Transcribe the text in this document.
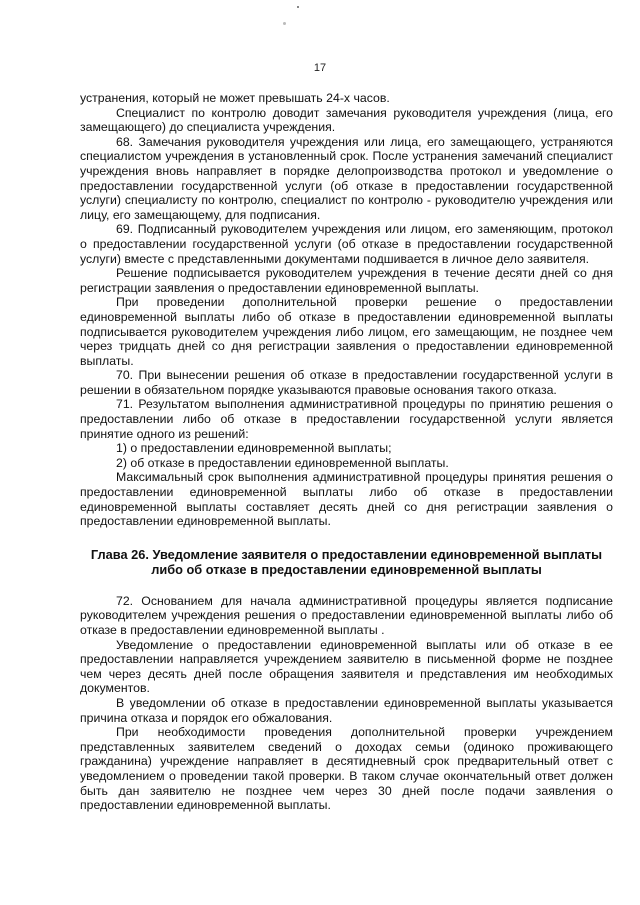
17

устранения, который не может превышать 24-х часов.

Специалист по контролю доводит замечания руководителя учреждения (лица, его замещающего) до специалиста учреждения.

68. Замечания руководителя учреждения или лица, его замещающего, устраняются специалистом учреждения в установленный срок. После устранения замечаний специалист учреждения вновь направляет в порядке делопроизводства протокол и уведомление о предоставлении государственной услуги (об отказе в предоставлении государственной услуги) специалисту по контролю, специалист по контролю - руководителю учреждения или лицу, его замещающему, для подписания.

69. Подписанный руководителем учреждения или лицом, его заменяющим, протокол о предоставлении государственной услуги (об отказе в предоставлении государственной услуги) вместе с представленными документами подшивается в личное дело заявителя.

Решение подписывается руководителем учреждения в течение десяти дней со дня регистрации заявления о предоставлении единовременной выплаты.

При проведении дополнительной проверки решение о предоставлении единовременной выплаты либо об отказе в предоставлении единовременной выплаты подписывается руководителем учреждения либо лицом, его замещающим, не позднее чем через тридцать дней со дня регистрации заявления о предоставлении единовременной выплаты.

70. При вынесении решения об отказе в предоставлении государственной услуги в решении в обязательном порядке указываются правовые основания такого отказа.

71. Результатом выполнения административной процедуры по принятию решения о предоставлении либо об отказе в предоставлении государственной услуги является принятие одного из решений:

1) о предоставлении единовременной выплаты;

2) об отказе в предоставлении единовременной выплаты.

Максимальный срок выполнения административной процедуры принятия решения о предоставлении единовременной выплаты либо об отказе в предоставлении единовременной выплаты составляет десять дней со дня регистрации заявления о предоставлении единовременной выплаты.

Глава 26. Уведомление заявителя о предоставлении единовременной выплаты
либо об отказе в предоставлении единовременной выплаты

72. Основанием для начала административной процедуры является подписание руководителем учреждения решения о предоставлении единовременной выплаты либо об отказе в предоставлении единовременной выплаты .

Уведомление о предоставлении единовременной выплаты или об отказе в ее предоставлении направляется учреждением заявителю в письменной форме не позднее чем через десять дней после обращения заявителя и представления им необходимых документов.

В уведомлении об отказе в предоставлении единовременной выплаты указывается причина отказа и порядок его обжалования.

При необходимости проведения дополнительной проверки учреждением представленных заявителем сведений о доходах семьи (одиноко проживающего гражданина) учреждение направляет в десятидневный срок предварительный ответ с уведомлением о проведении такой проверки. В таком случае окончательный ответ должен быть дан заявителю не позднее чем через 30 дней после подачи заявления о предоставлении единовременной выплаты.
